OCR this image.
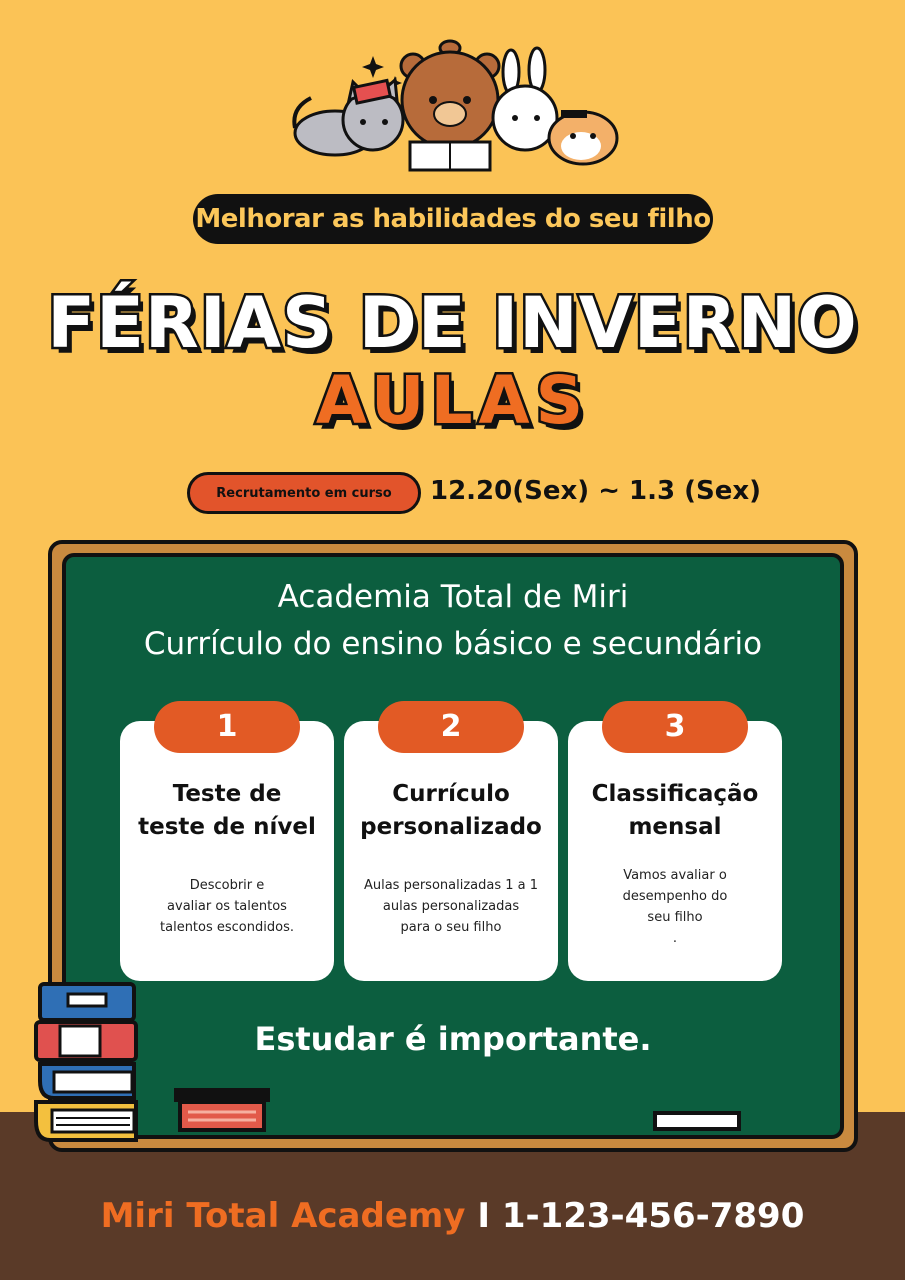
Melhorar as habilidades do seu filho
FÉRIAS DE INVERNO
AULAS
Recrutamento em curso 12.20(Sex) ~ 1.3 (Sex)
Academia Total de Miri
Currículo do ensino básico e secundário
1
Teste de
teste de nível
Descobrir e
avaliar os talentos
talentos escondidos.
2
Currículo
personalizado
Aulas personalizadas 1 a 1
aulas personalizadas
para o seu filho
3
Classificação
mensal
Vamos avaliar o
desempenho do
seu filho
.
Estudar é importante.
Miri Total Academy I 1-123-456-7890
